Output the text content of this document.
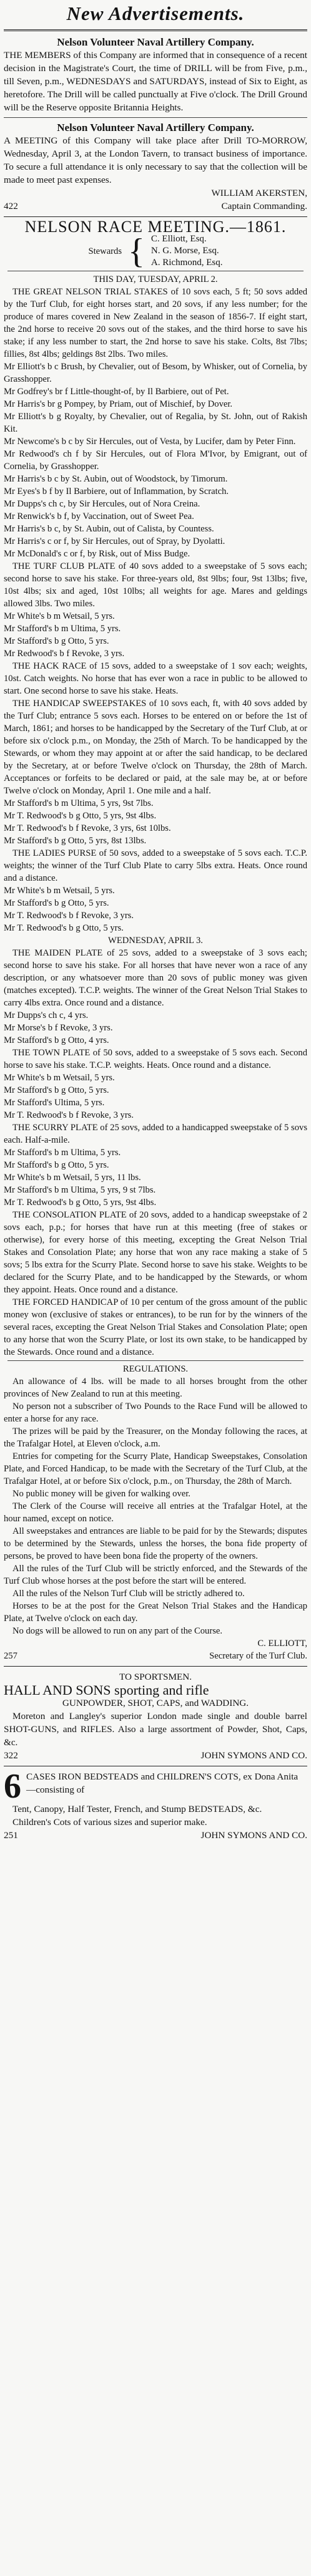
New Advertisements.
Nelson Volunteer Naval Artillery Company.

THE MEMBERS of this Company are informed that in consequence of a recent decision in the Magistrate's Court, the time of DRILL will be from Five, p.m., till Seven, p.m., WEDNESDAYS and SATURDAYS, instead of Six to Eight, as heretofore. The Drill will be called punctually at Five o'clock. The Drill Ground will be the Reserve opposite Britannia Heights.

Nelson Volunteer Naval Artillery Company.

A MEETING of this Company will take place after Drill TO-MORROW, Wednesday, April 3, at the London Tavern, to transact business of importance. To secure a full attendance it is only necessary to say that the collection will be made to meet past expenses.

WILLIAM AKERSTEN,
422	Captain Commanding.
NELSON RACE MEETING.—1861.
Stewards { C. Elliott, Esq.
N. G. Morse, Esq.
A. Richmond, Esq.
THIS DAY, TUESDAY, APRIL 2.

THE GREAT NELSON TRIAL STAKES of 10 sovs each, 5 ft; 50 sovs added by the Turf Club, for eight horses start, and 20 sovs, if any less number; for the produce of mares covered in New Zealand in the season of 1856-7. If eight start, the 2nd horse to receive 20 sovs out of the stakes, and the third horse to save his stake; if any less number to start, the 2nd horse to save his stake. Colts, 8st 7lbs; fillies, 8st 4lbs; geldings 8st 2lbs. Two miles.

Mr Elliott's b c Brush, by Chevalier, out of Besom, by Whisker, out of Cornelia, by Grasshopper.

Mr Godfrey's br f Little-thought-of, by Il Barbiere, out of Pet.

Mr Harris's br g Pompey, by Priam, out of Mischief, by Dover.

Mr Elliott's b g Royalty, by Chevalier, out of Regalia, by St. John, out of Rakish Kit.

Mr Newcome's b c by Sir Hercules, out of Vesta, by Lucifer, dam by Peter Finn.

Mr Redwood's ch f by Sir Hercules, out of Flora M'Ivor, by Emigrant, out of Cornelia, by Grasshopper.

Mr Harris's b c by St. Aubin, out of Woodstock, by Timorum.

Mr Eyes's b f by Il Barbiere, out of Inflammation, by Scratch.

Mr Dupps's ch c, by Sir Hercules, out of Nora Creina.

Mr Renwick's b f, by Vaccination, out of Sweet Pea.

Mr Harris's b c, by St. Aubin, out of Calista, by Countess.

Mr Harris's c or f, by Sir Hercules, out of Spray, by Dyolatti.

Mr McDonald's c or f, by Risk, out of Miss Budge.

THE TURF CLUB PLATE of 40 sovs added to a sweepstake of 5 sovs each; second horse to save his stake. For three-years old, 8st 9lbs; four, 9st 13lbs; five, 10st 4lbs; six and aged, 10st 10lbs; all weights for age. Mares and geldings allowed 3lbs. Two miles.

Mr White's b m Wetsail, 5 yrs.

Mr Stafford's b m Ultima, 5 yrs.

Mr Stafford's b g Otto, 5 yrs.

Mr Redwood's b f Revoke, 3 yrs.

THE HACK RACE of 15 sovs, added to a sweepstake of 1 sov each; weights, 10st. Catch weights. No horse that has ever won a race in public to be allowed to start. One second horse to save his stake. Heats.

THE HANDICAP SWEEPSTAKES of 10 sovs each, ft, with 40 sovs added by the Turf Club; entrance 5 sovs each. Horses to be entered on or before the 1st of March, 1861; and horses to be handicapped by the Secretary of the Turf Club, at or before six o'clock p.m., on Monday, the 25th of March. To be handicapped by the Stewards, or whom they may appoint at or after the said handicap, to be declared by the Secretary, at or before Twelve o'clock on Thursday, the 28th of March. Acceptances or forfeits to be declared or paid, at the sale may be, at or before Twelve o'clock on Monday, April 1. One mile and a half.

Mr Stafford's b m Ultima, 5 yrs, 9st 7lbs.

Mr T. Redwood's b g Otto, 5 yrs, 9st 4lbs.

Mr T. Redwood's b f Revoke, 3 yrs, 6st 10lbs.

Mr Stafford's b g Otto, 5 yrs, 8st 13lbs.

THE LADIES PURSE of 50 sovs, added to a sweepstake of 5 sovs each. T.C.P. weights; the winner of the Turf Club Plate to carry 5lbs extra. Heats. Once round and a distance.

Mr White's b m Wetsail, 5 yrs.

Mr Stafford's b g Otto, 5 yrs.

Mr T. Redwood's b f Revoke, 3 yrs.

Mr T. Redwood's b g Otto, 5 yrs.

WEDNESDAY, APRIL 3.

THE MAIDEN PLATE of 25 sovs, added to a sweepstake of 3 sovs each; second horse to save his stake. For all horses that have never won a race of any description, or any whatsoever more than 20 sovs of public money was given (matches excepted). T.C.P. weights. The winner of the Great Nelson Trial Stakes to carry 4lbs extra. Once round and a distance.

Mr Dupps's ch c, 4 yrs.

Mr Morse's b f Revoke, 3 yrs.

Mr Stafford's b g Otto, 4 yrs.

THE TOWN PLATE of 50 sovs, added to a sweepstake of 5 sovs each. Second horse to save his stake. T.C.P. weights. Heats. Once round and a distance.

Mr White's b m Wetsail, 5 yrs.

Mr Stafford's b g Otto, 5 yrs.

Mr Stafford's Ultima, 5 yrs.

Mr T. Redwood's b f Revoke, 3 yrs.

THE SCURRY PLATE of 25 sovs, added to a handicapped sweepstake of 5 sovs each. Half-a-mile.

Mr Stafford's b m Ultima, 5 yrs.

Mr Stafford's b g Otto, 5 yrs.

Mr White's b m Wetsail, 5 yrs, 11 lbs.

Mr Stafford's b m Ultima, 5 yrs, 9 st 7lbs.

Mr T. Redwood's b g Otto, 5 yrs, 9st 4lbs.

THE CONSOLATION PLATE of 20 sovs, added to a handicap sweepstake of 2 sovs each, p.p.; for horses that have run at this meeting (free of stakes or otherwise), for every horse of this meeting, excepting the Great Nelson Trial Stakes and Consolation Plate; any horse that won any race making a stake of 5 sovs; 5 lbs extra for the Scurry Plate. Second horse to save his stake. Weights to be declared for the Scurry Plate, and to be handicapped by the Stewards, or whom they appoint. Heats. Once round and a distance.

THE FORCED HANDICAP of 10 per centum of the gross amount of the public money won (exclusive of stakes or entrances), to be run for by the winners of the several races, excepting the Great Nelson Trial Stakes and Consolation Plate; open to any horse that won the Scurry Plate, or lost its own stake, to be handicapped by the Stewards. Once round and a distance.

REGULATIONS.

An allowance of 4 lbs. will be made to all horses brought from the other provinces of New Zealand to run at this meeting.

No person not a subscriber of Two Pounds to the Race Fund will be allowed to enter a horse for any race.

The prizes will be paid by the Treasurer, on the Monday following the races, at the Trafalgar Hotel, at Eleven o'clock, a.m.

Entries for competing for the Scurry Plate, Handicap Sweepstakes, Consolation Plate, and Forced Handicap, to be made with the Secretary of the Turf Club, at the Trafalgar Hotel, at or before Six o'clock, p.m., on Thursday, the 28th of March.

No public money will be given for walking over.

The Clerk of the Course will receive all entries at the Trafalgar Hotel, at the hour named, except on notice.

All sweepstakes and entrances are liable to be paid for by the Stewards; disputes to be determined by the Stewards, unless the horses, the bona fide property of persons, be proved to have been bona fide the property of the owners.

All the rules of the Turf Club will be strictly enforced, and the Stewards of the Turf Club whose horses at the post before the start will be entered.

All the rules of the Nelson Turf Club will be strictly adhered to.

Horses to be at the post for the Great Nelson Trial Stakes and the Handicap Plate, at Twelve o'clock on each day.

No dogs will be allowed to run on any part of the Course.

C. ELLIOTT,
257	Secretary of the Turf Club.
TO SPORTSMEN.
HALL AND SONS sporting and rifle
GUNPOWDER, SHOT, CAPS, and WADDING.

Moreton and Langley's superior London made single and double barrel SHOT-GUNS, and RIFLES. Also a large assortment of Powder, Shot, Caps, &c.

322	JOHN SYMONS AND CO.
6 CASES IRON BEDSTEADS and CHILDREN'S COTS, ex Dona Anita—consisting of

Tent, Canopy, Half Tester, French, and Stump BEDSTEADS, &c.

Children's Cots of various sizes and superior make.

251	JOHN SYMONS AND CO.
